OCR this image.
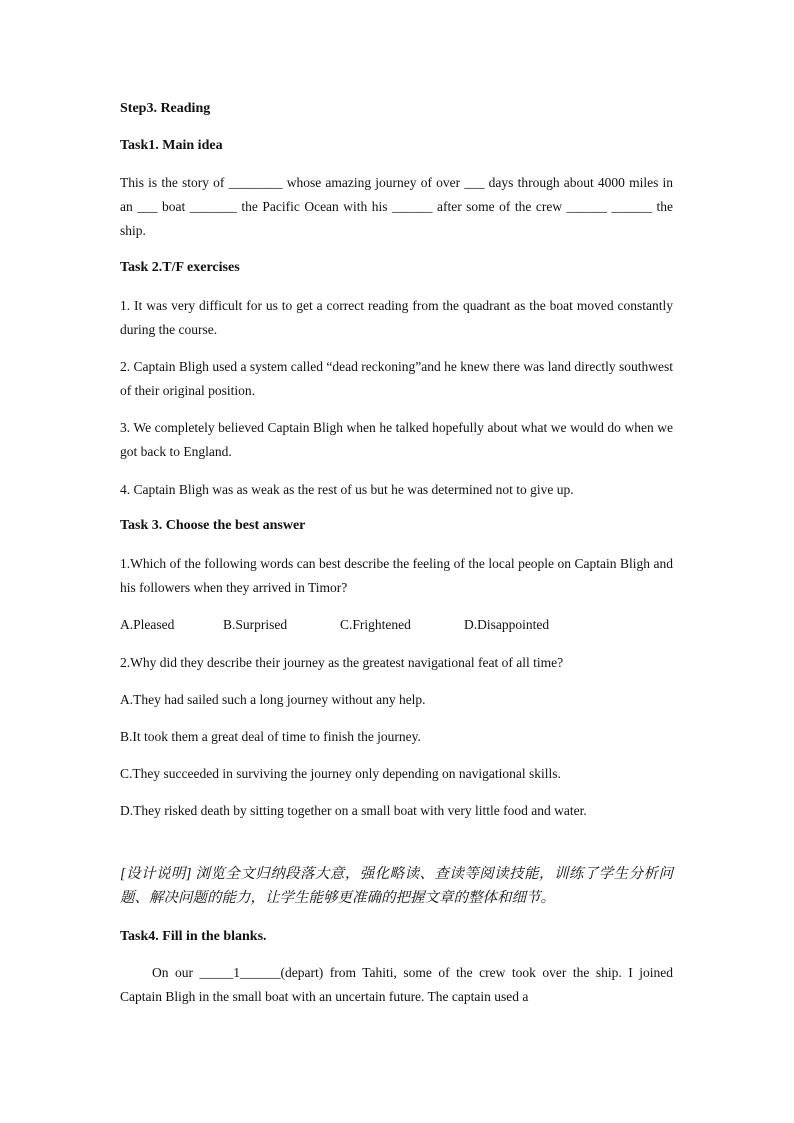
Step3. Reading

Task1. Main idea

This is the story of ________ whose amazing journey of over ___ days through about 4000 miles in an ___ boat _______ the Pacific Ocean with his ______ after some of the crew ______ ______ the ship.

Task 2.T/F exercises

1. It was very difficult for us to get a correct reading from the quadrant as the boat moved constantly during the course.

2. Captain Bligh used a system called “dead reckoning”and he knew there was land directly southwest of their original position.

3. We completely believed Captain Bligh when he talked hopefully about what we would do when we got back to England.

4. Captain Bligh was as weak as the rest of us but he was determined not to give up.

Task 3. Choose the best answer

1.Which of the following words can best describe the feeling of the local people on Captain Bligh and his followers when they arrived in Timor?

A.Pleased	B.Surprised	C.Frightened	D.Disappointed

2.Why did they describe their journey as the greatest navigational feat of all time?

A.They had sailed such a long journey without any help.

B.It took them a great deal of time to finish the journey.

C.They succeeded in surviving the journey only depending on navigational skills.

D.They risked death by sitting together on a small boat with very little food and water.

[设计说明] 浏览全文归纳段落大意，强化略读、查读等阅读技能，训练了学生分析问题、解决问题的能力，让学生能够更准确的把握文章的整体和细节。

Task4. Fill in the blanks.

On our _____1______(depart) from Tahiti, some of the crew took over the ship. I joined Captain Bligh in the small boat with an uncertain future. The captain used a
